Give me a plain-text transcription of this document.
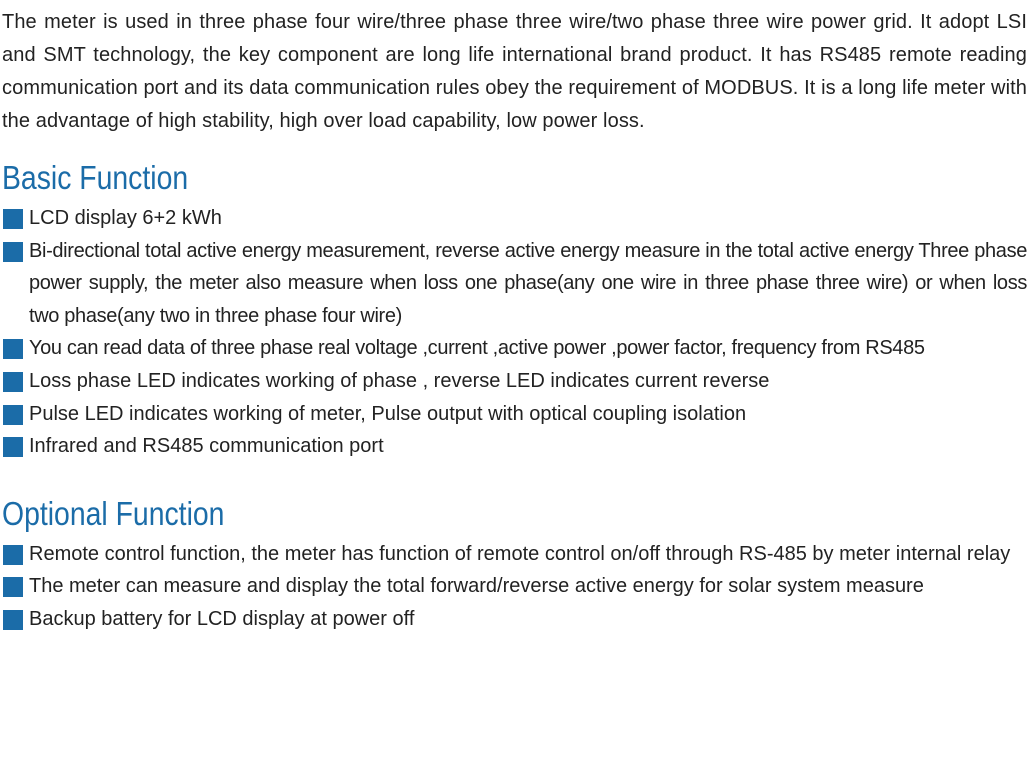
The meter is used in three phase four wire/three phase three wire/two phase three wire power grid. It adopt LSI and SMT technology, the key component are long life international brand product. It has RS485 remote reading communication port and its data communication rules obey the requirement of MODBUS. It is a long life meter with the advantage of high stability, high over load capability, low power loss.

Basic Function
LCD display 6+2 kWh
Bi-directional total active energy measurement, reverse active energy measure in the total active energy Three phase power supply, the meter also measure when loss one phase(any one wire in three phase three wire) or when loss two phase(any two in three phase four wire)
You can read data of three phase real voltage ,current ,active power ,power factor, frequency from RS485
Loss phase LED indicates working of phase , reverse LED indicates current reverse
Pulse LED indicates working of meter, Pulse output with optical coupling isolation
Infrared and RS485 communication port
Optional Function
Remote control function, the meter has function of remote control on/off through RS-485 by meter internal relay
The meter can measure and display the total forward/reverse active energy for solar system measure
Backup battery for LCD display at power off
